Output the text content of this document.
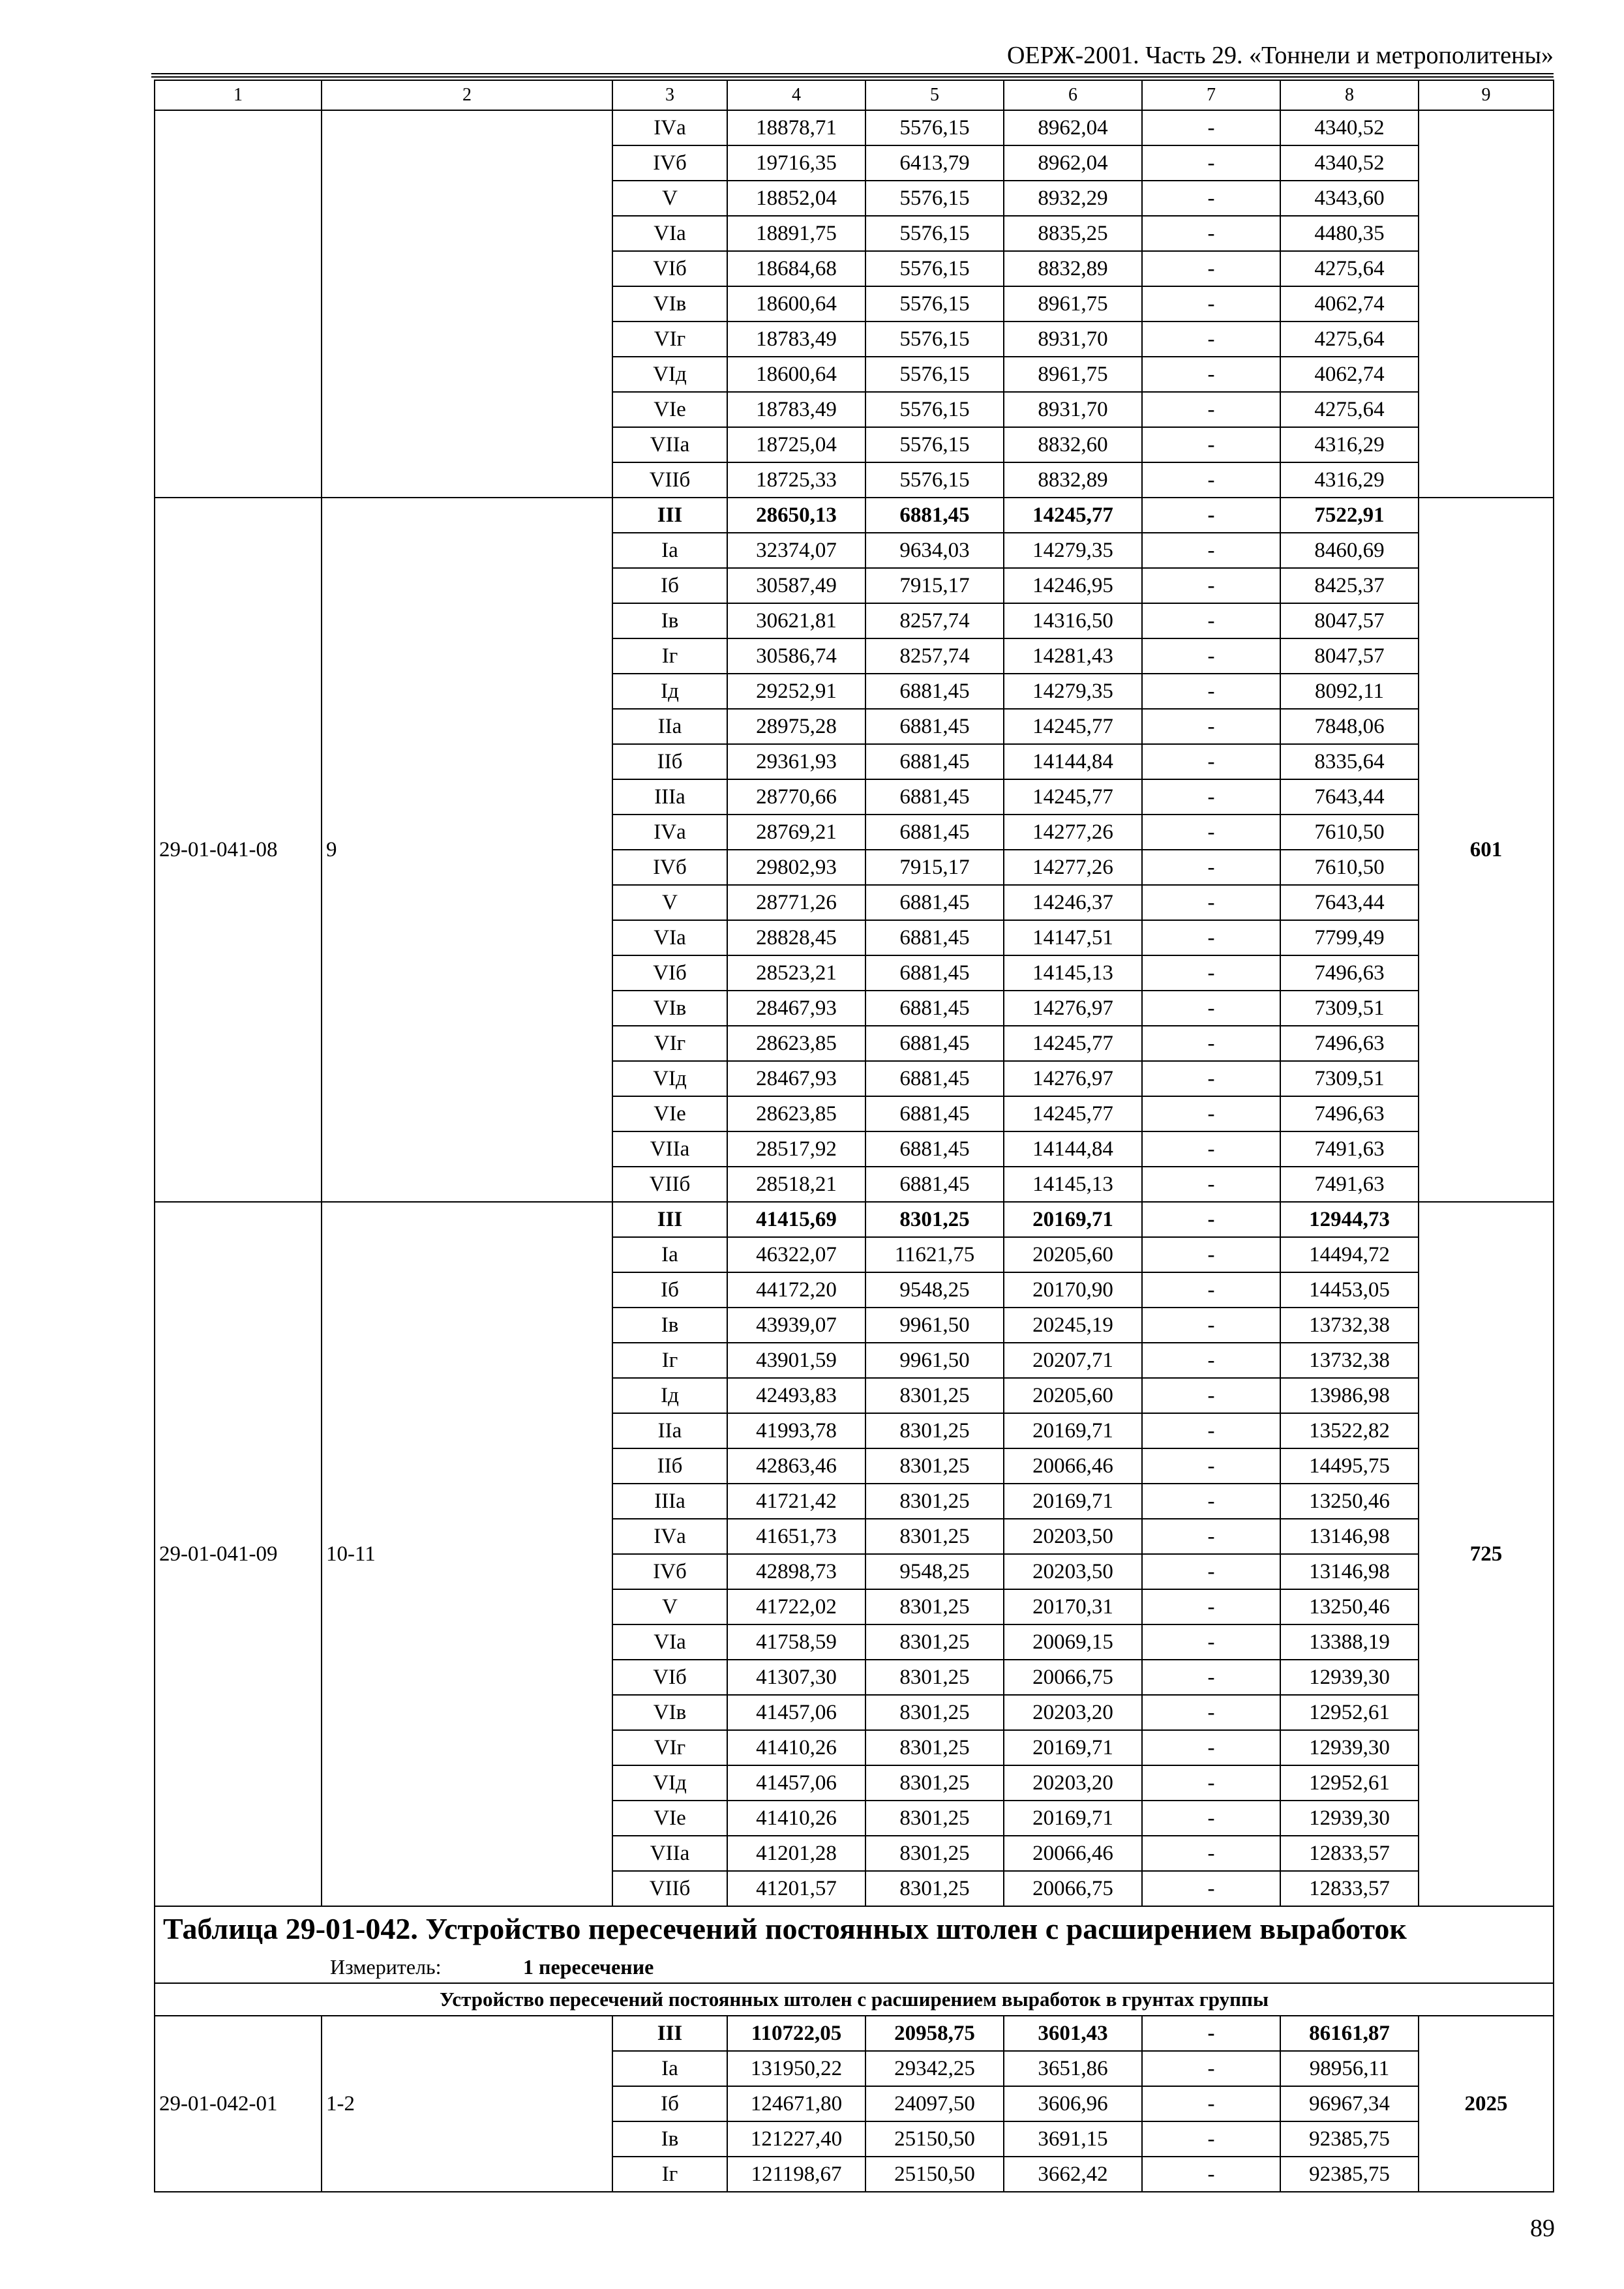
ОЕРЖ-2001. Часть 29. «Тоннели и метрополитены»
1	2	3	4	5	6	7	8	9
		IVа	18878,71	5576,15	8962,04	-	4340,52	
		IVб	19716,35	6413,79	8962,04	-	4340,52	
		V	18852,04	5576,15	8932,29	-	4343,60	
		VIа	18891,75	5576,15	8835,25	-	4480,35	
		VIб	18684,68	5576,15	8832,89	-	4275,64	
		VIв	18600,64	5576,15	8961,75	-	4062,74	
		VIг	18783,49	5576,15	8931,70	-	4275,64	
		VIд	18600,64	5576,15	8961,75	-	4062,74	
		VIе	18783,49	5576,15	8931,70	-	4275,64	
		VIIа	18725,04	5576,15	8832,60	-	4316,29	
		VIIб	18725,33	5576,15	8832,89	-	4316,29	
29-01-041-08	9	III	28650,13	6881,45	14245,77	-	7522,91	601
		Iа	32374,07	9634,03	14279,35	-	8460,69	
		Iб	30587,49	7915,17	14246,95	-	8425,37	
		Iв	30621,81	8257,74	14316,50	-	8047,57	
		Iг	30586,74	8257,74	14281,43	-	8047,57	
		Iд	29252,91	6881,45	14279,35	-	8092,11	
		IIа	28975,28	6881,45	14245,77	-	7848,06	
		IIб	29361,93	6881,45	14144,84	-	8335,64	
		IIIа	28770,66	6881,45	14245,77	-	7643,44	
		IVа	28769,21	6881,45	14277,26	-	7610,50	
		IVб	29802,93	7915,17	14277,26	-	7610,50	
		V	28771,26	6881,45	14246,37	-	7643,44	
		VIа	28828,45	6881,45	14147,51	-	7799,49	
		VIб	28523,21	6881,45	14145,13	-	7496,63	
		VIв	28467,93	6881,45	14276,97	-	7309,51	
		VIг	28623,85	6881,45	14245,77	-	7496,63	
		VIд	28467,93	6881,45	14276,97	-	7309,51	
		VIе	28623,85	6881,45	14245,77	-	7496,63	
		VIIа	28517,92	6881,45	14144,84	-	7491,63	
		VIIб	28518,21	6881,45	14145,13	-	7491,63	
29-01-041-09	10-11	III	41415,69	8301,25	20169,71	-	12944,73	725
		Iа	46322,07	11621,75	20205,60	-	14494,72	
		Iб	44172,20	9548,25	20170,90	-	14453,05	
		Iв	43939,07	9961,50	20245,19	-	13732,38	
		Iг	43901,59	9961,50	20207,71	-	13732,38	
		Iд	42493,83	8301,25	20205,60	-	13986,98	
		IIа	41993,78	8301,25	20169,71	-	13522,82	
		IIб	42863,46	8301,25	20066,46	-	14495,75	
		IIIа	41721,42	8301,25	20169,71	-	13250,46	
		IVа	41651,73	8301,25	20203,50	-	13146,98	
		IVб	42898,73	9548,25	20203,50	-	13146,98	
		V	41722,02	8301,25	20170,31	-	13250,46	
		VIа	41758,59	8301,25	20069,15	-	13388,19	
		VIб	41307,30	8301,25	20066,75	-	12939,30	
		VIв	41457,06	8301,25	20203,20	-	12952,61	
		VIг	41410,26	8301,25	20169,71	-	12939,30	
		VIд	41457,06	8301,25	20203,20	-	12952,61	
		VIе	41410,26	8301,25	20169,71	-	12939,30	
		VIIа	41201,28	8301,25	20066,46	-	12833,57	
		VIIб	41201,57	8301,25	20066,75	-	12833,57	
Таблица 29-01-042. Устройство пересечений постоянных штолен с расширением выработок								
Измеритель: 1 пересечение								
Устройство пересечений постоянных штолен с расширением выработок в грунтах группы								
29-01-042-01	1-2	III	110722,05	20958,75	3601,43	-	86161,87	2025
		Iа	131950,22	29342,25	3651,86	-	98956,11	
		Iб	124671,80	24097,50	3606,96	-	96967,34	
		Iв	121227,40	25150,50	3691,15	-	92385,75	
		Iг	121198,67	25150,50	3662,42	-	92385,75	
89
